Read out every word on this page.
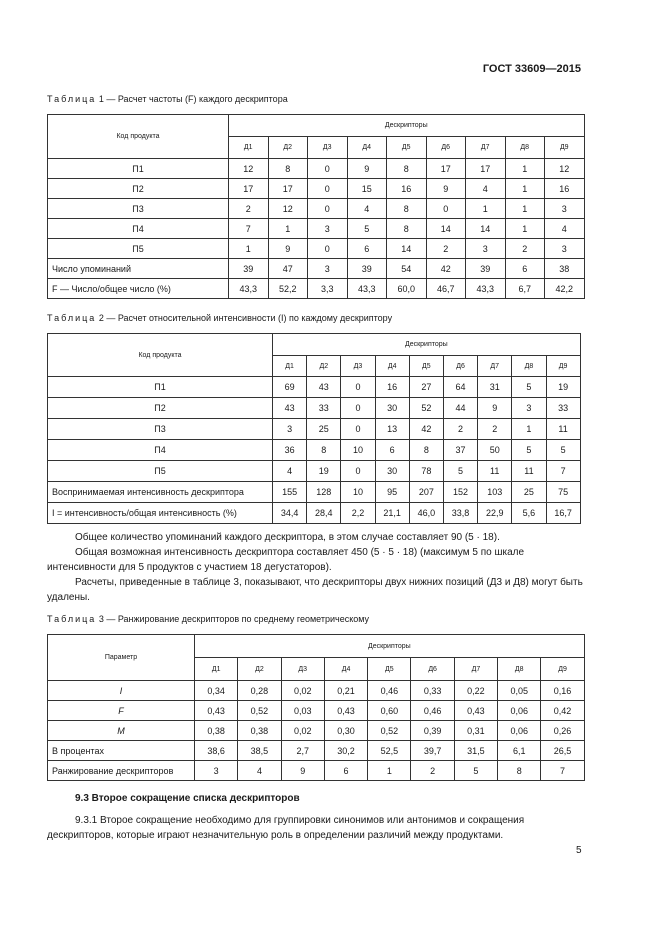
ГОСТ 33609—2015
Таблица 1 — Расчет частоты (F) каждого дескриптора
Код продукта	Дескрипторы								
	Д1	Д2	Д3	Д4	Д5	Д6	Д7	Д8	Д9
П1	12	8	0	9	8	17	17	1	12
П2	17	17	0	15	16	9	4	1	16
П3	2	12	0	4	8	0	1	1	3
П4	7	1	3	5	8	14	14	1	4
П5	1	9	0	6	14	2	3	2	3
Число упоминаний	39	47	3	39	54	42	39	6	38
F — Число/общее число (%)	43,3	52,2	3,3	43,3	60,0	46,7	43,3	6,7	42,2
Таблица 2 — Расчет относительной интенсивности (I) по каждому дескриптору
Код продукта	Дескрипторы								
	Д1	Д2	Д3	Д4	Д5	Д6	Д7	Д8	Д9
П1	69	43	0	16	27	64	31	5	19
П2	43	33	0	30	52	44	9	3	33
П3	3	25	0	13	42	2	2	1	11
П4	36	8	10	6	8	37	50	5	5
П5	4	19	0	30	78	5	11	11	7
Воспринимаемая интенсивность дескриптора	155	128	10	95	207	152	103	25	75
I = интенсивность/общая интенсивность (%)	34,4	28,4	2,2	21,1	46,0	33,8	22,9	5,6	16,7

Общее количество упоминаний каждого дескриптора, в этом случае составляет 90 (5 · 18).

Общая возможная интенсивность дескриптора составляет 450 (5 · 5 · 18) (максимум 5 по шкале интенсивности для 5 продуктов с участием 18 дегустаторов).

Расчеты, приведенные в таблице 3, показывают, что дескрипторы двух нижних позиций (Д3 и Д8) могут быть удалены.

Таблица 3 — Ранжирование дескрипторов по среднему геометрическому
Параметр	Дескрипторы								
	Д1	Д2	Д3	Д4	Д5	Д6	Д7	Д8	Д9
I	0,34	0,28	0,02	0,21	0,46	0,33	0,22	0,05	0,16
F	0,43	0,52	0,03	0,43	0,60	0,46	0,43	0,06	0,42
M	0,38	0,38	0,02	0,30	0,52	0,39	0,31	0,06	0,26
В процентах	38,6	38,5	2,7	30,2	52,5	39,7	31,5	6,1	26,5
Ранжирование дескрипторов	3	4	9	6	1	2	5	8	7
9.3 Второе сокращение списка дескрипторов

9.3.1 Второе сокращение необходимо для группировки синонимов или антонимов и сокращения дескрипторов, которые играют незначительную роль в определении различий между продуктами.

5
